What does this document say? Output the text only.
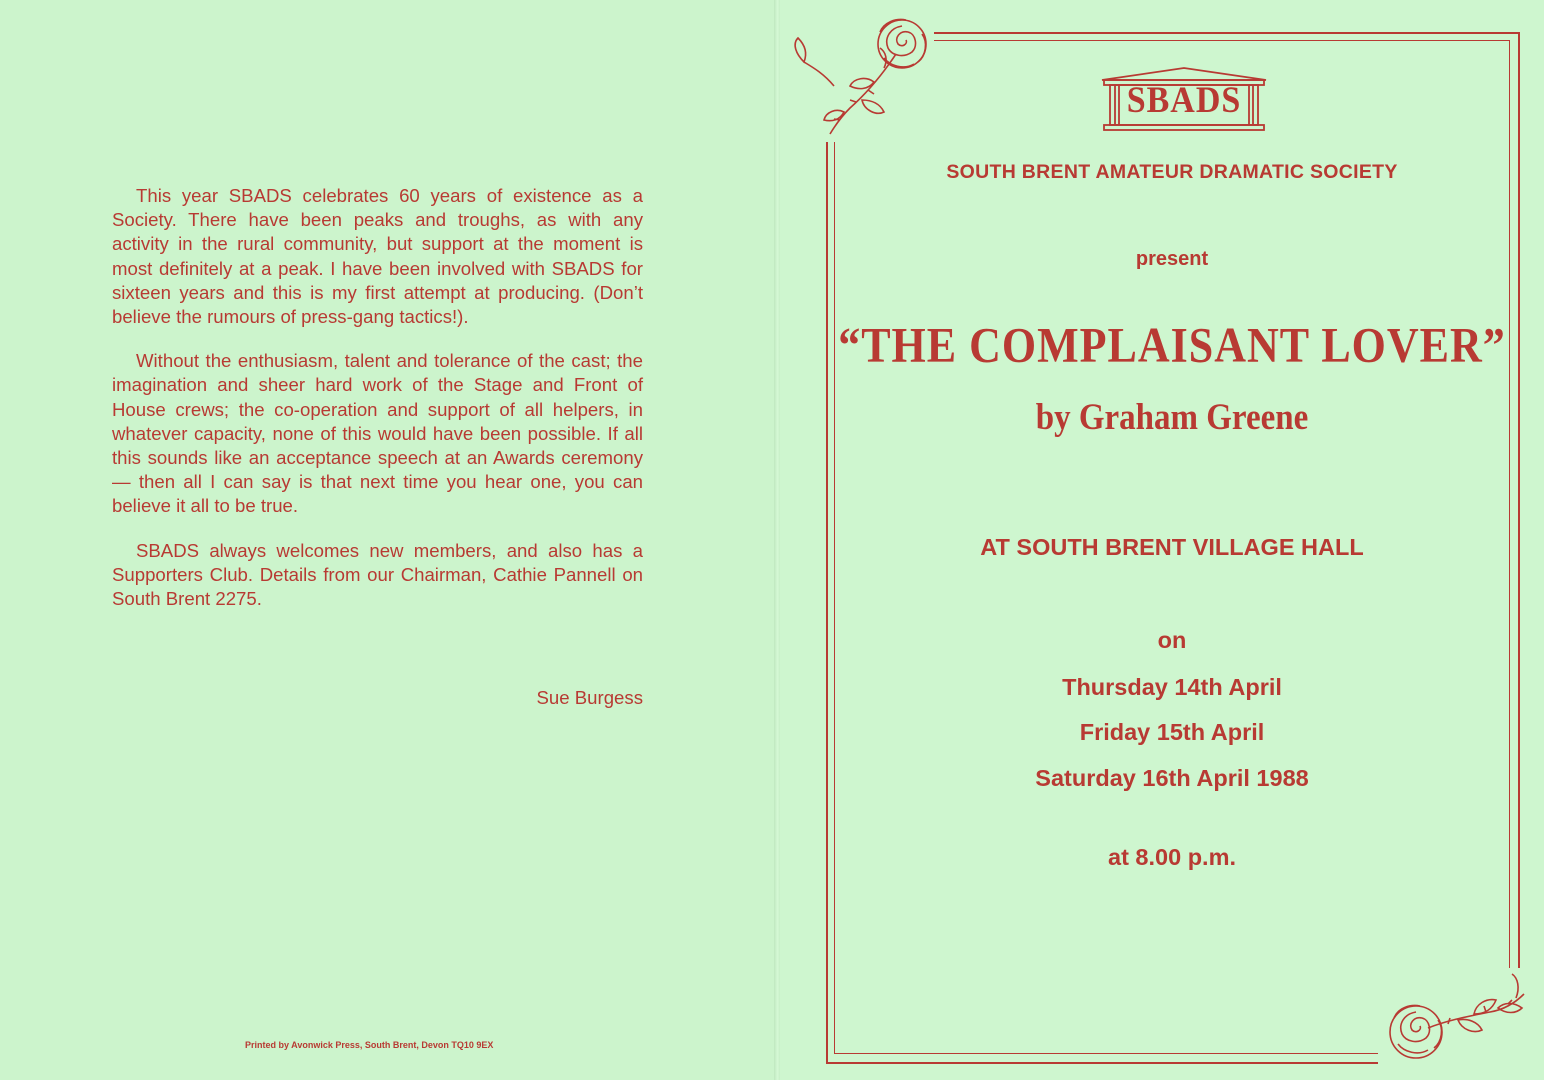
This year SBADS celebrates 60 years of existence as a Society. There have been peaks and troughs, as with any activity in the rural community, but support at the moment is most definitely at a peak. I have been involved with SBADS for sixteen years and this is my first attempt at producing. (Don’t believe the rumours of press-gang tactics!).

Without the enthusiasm, talent and tolerance of the cast; the imagination and sheer hard work of the Stage and Front of House crews; the co-operation and support of all helpers, in whatever capacity, none of this would have been possible. If all this sounds like an acceptance speech at an Awards ceremony — then all I can say is that next time you hear one, you can believe it all to be true.

SBADS always welcomes new members, and also has a Supporters Club. Details from our Chairman, Cathie Pannell on South Brent 2275.

Sue Burgess
Printed by Avonwick Press, South Brent, Devon TQ10 9EX
SBADS
SOUTH BRENT AMATEUR DRAMATIC SOCIETY
present
“THE COMPLAISANT LOVER”
by Graham Greene
AT SOUTH BRENT VILLAGE HALL
on
Thursday 14th April
Friday 15th April
Saturday 16th April 1988
at 8.00 p.m.
